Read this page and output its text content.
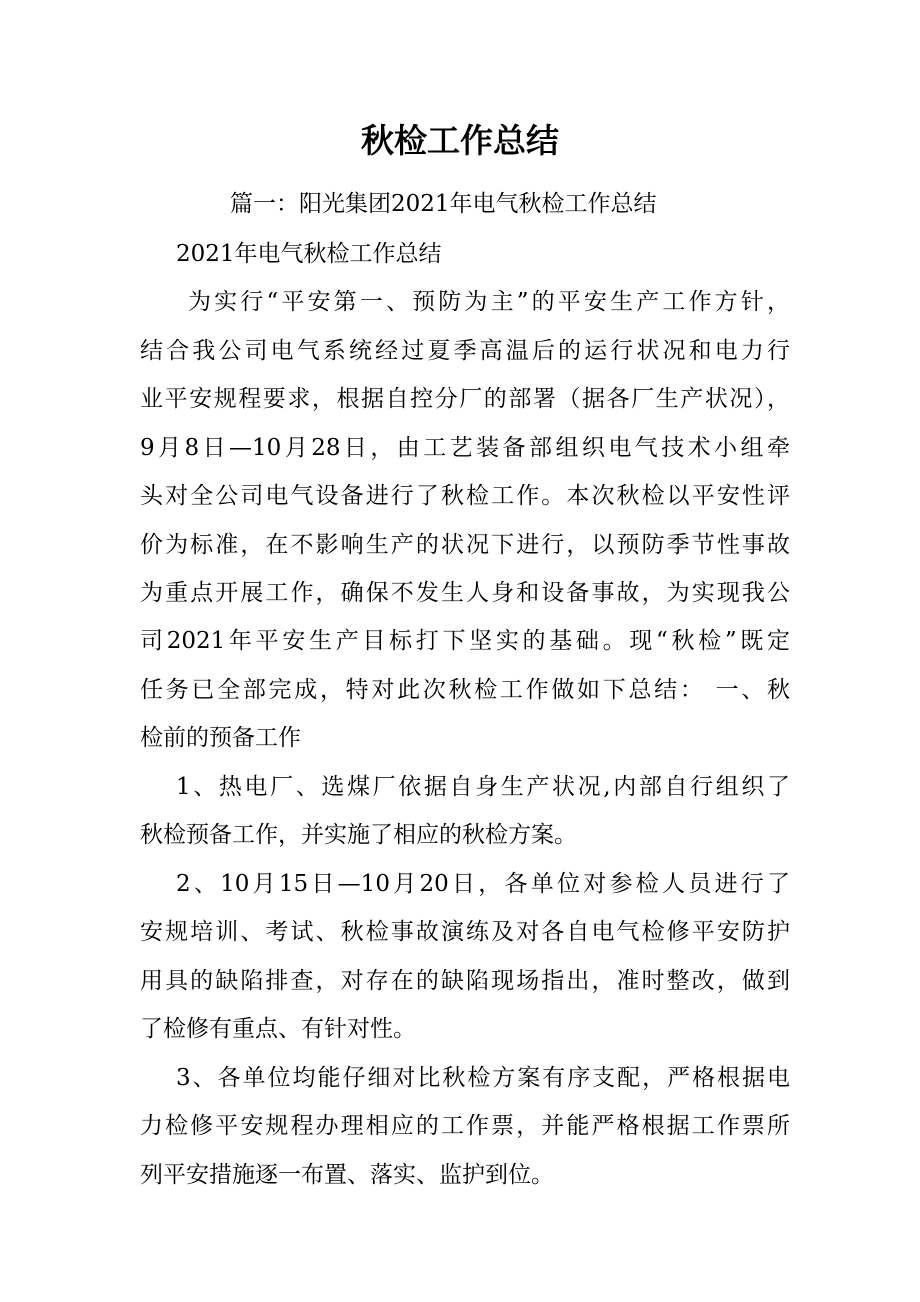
秋检工作总结

篇一：阳光集团2021年电气秋检工作总结

2021年电气秋检工作总结

为实行“平安第一、预防为主”的平安生产工作方针，

结合我公司电气系统经过夏季高温后的运行状况和电力行

业平安规程要求，根据自控分厂的部署（据各厂生产状况），

9月8日—10月28日，由工艺装备部组织电气技术小组牵

头对全公司电气设备进行了秋检工作。本次秋检以平安性评

价为标准，在不影响生产的状况下进行，以预防季节性事故

为重点开展工作，确保不发生人身和设备事故，为实现我公

司2021年平安生产目标打下坚实的基础。现“秋检”既定

任务已全部完成，特对此次秋检工作做如下总结： 一、秋

检前的预备工作

1、热电厂、选煤厂依据自身生产状况,内部自行组织了

秋检预备工作，并实施了相应的秋检方案。

2、10月15日—10月20日，各单位对参检人员进行了

安规培训、考试、秋检事故演练及对各自电气检修平安防护

用具的缺陷排查，对存在的缺陷现场指出，准时整改，做到

了检修有重点、有针对性。

3、各单位均能仔细对比秋检方案有序支配，严格根据电

力检修平安规程办理相应的工作票，并能严格根据工作票所

列平安措施逐一布置、落实、监护到位。
